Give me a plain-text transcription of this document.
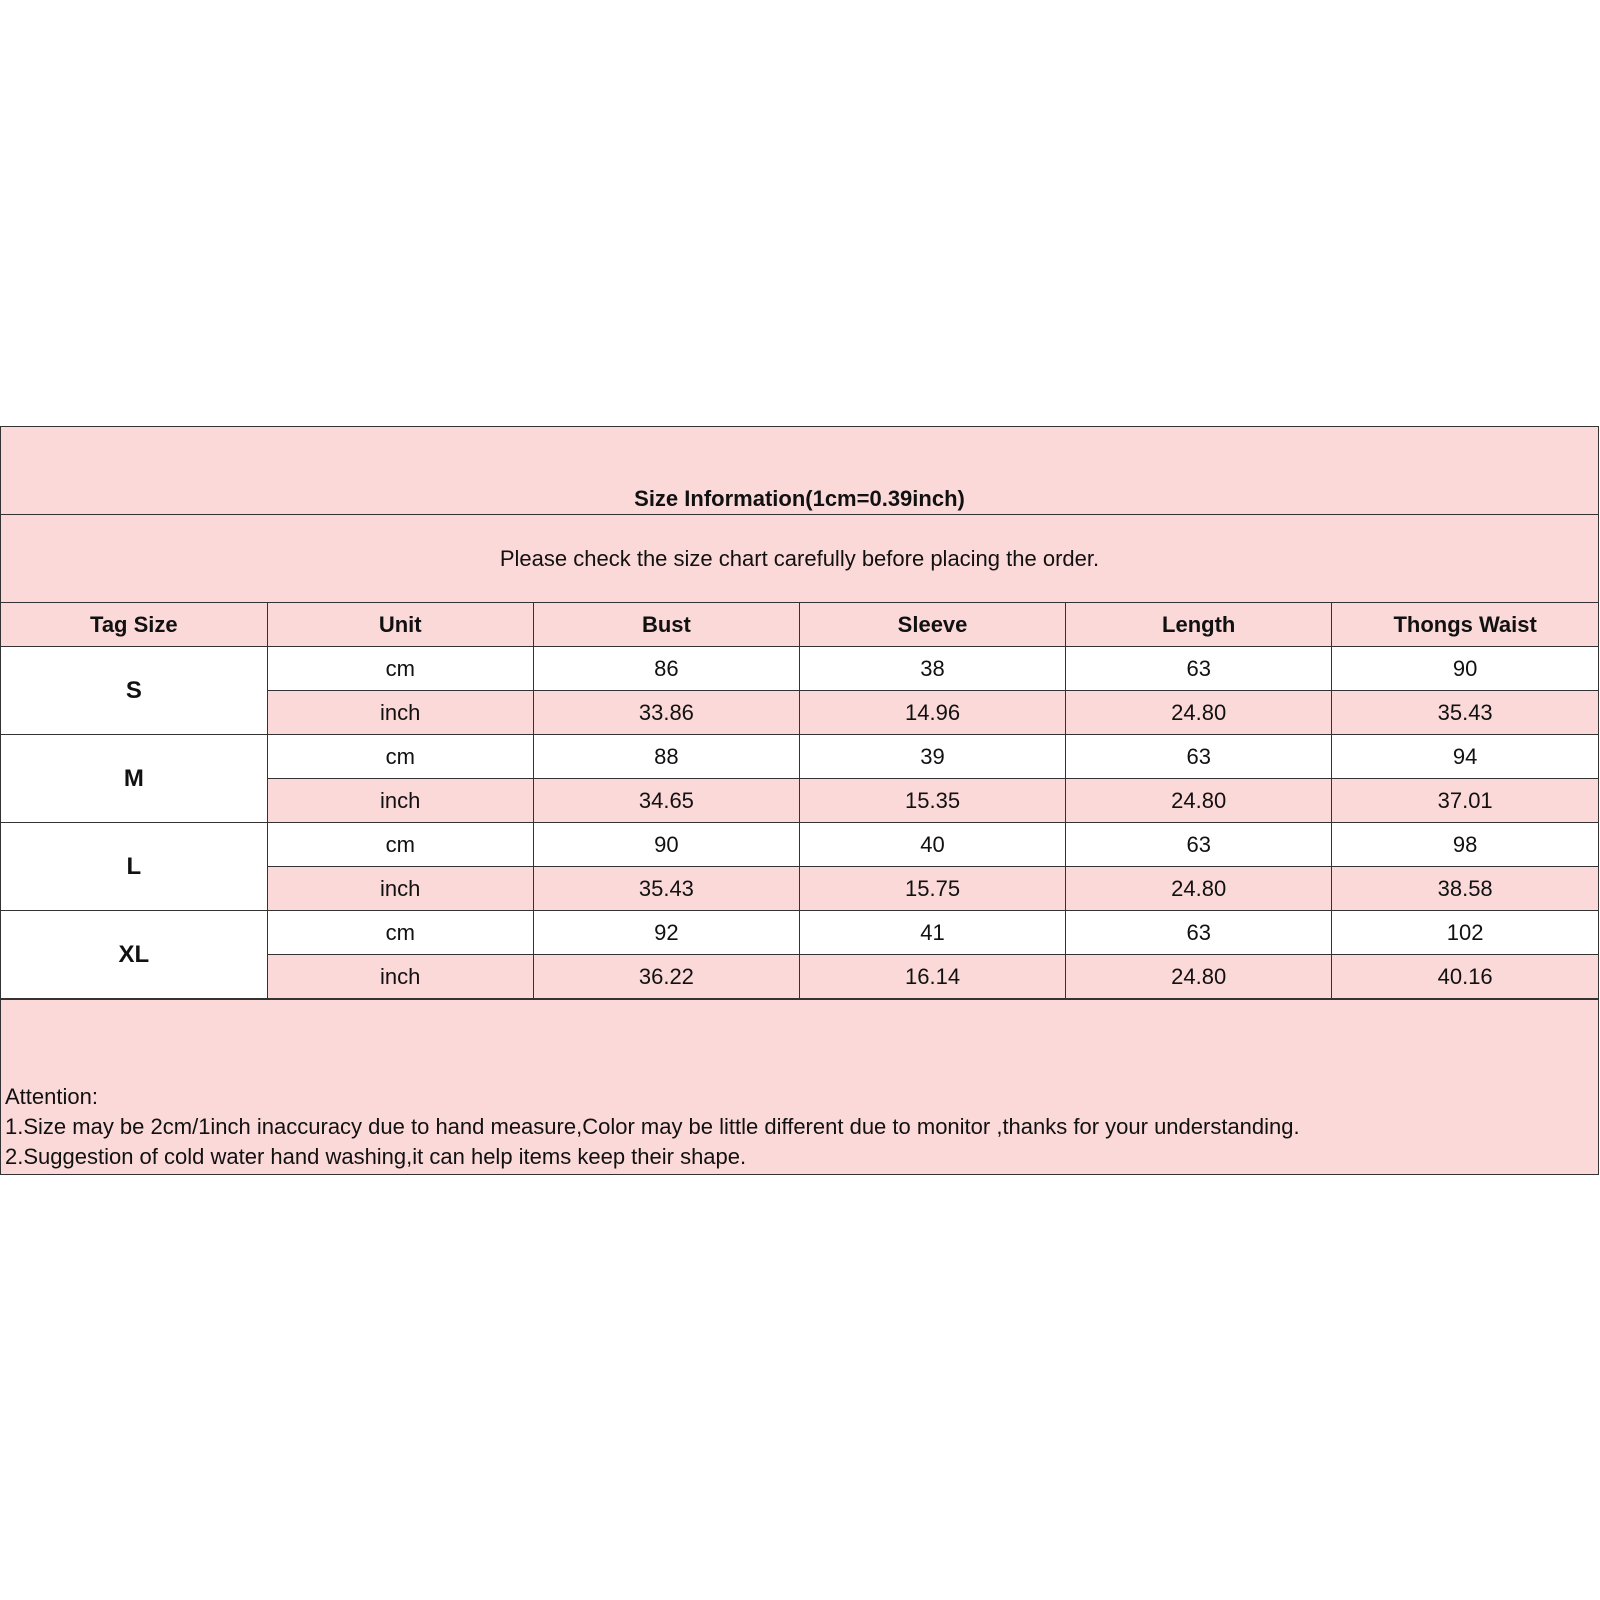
Size Information(1cm=0.39inch)
Please check the size chart carefully before placing the order.
Tag Size	Unit	Bust	Sleeve	Length	Thongs Waist
S	cm	86	38	63	90
	inch	33.86	14.96	24.80	35.43
M	cm	88	39	63	94
	inch	34.65	15.35	24.80	37.01
L	cm	90	40	63	98
	inch	35.43	15.75	24.80	38.58
XL	cm	92	41	63	102
	inch	36.22	16.14	24.80	40.16
Attention:
1.Size may be 2cm/1inch inaccuracy due to hand measure,Color may be little different due to monitor ,thanks for your understanding.
2.Suggestion of cold water hand washing,it can help items keep their shape.
